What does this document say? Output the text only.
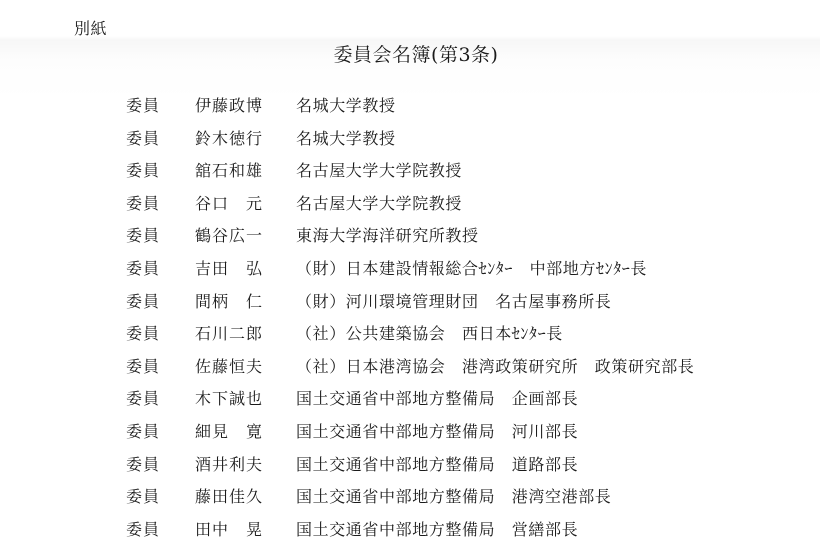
別紙
委員会名簿(第3条)
委員 伊藤政博 名城大学教授
委員 鈴木徳行 名城大学教授
委員 舘石和雄 名古屋大学大学院教授
委員 谷口　元 名古屋大学大学院教授
委員 鶴谷広一 東海大学海洋研究所教授
委員 吉田　弘 （財）日本建設情報総合ｾﾝﾀｰ　中部地方ｾﾝﾀｰ長
委員 間柄　仁 （財）河川環境管理財団　名古屋事務所長
委員 石川二郎 （社）公共建築協会　西日本ｾﾝﾀｰ長
委員 佐藤恒夫 （社）日本港湾協会　港湾政策研究所　政策研究部長
委員 木下誠也 国土交通省中部地方整備局　企画部長
委員 細見　寛 国土交通省中部地方整備局　河川部長
委員 酒井利夫 国土交通省中部地方整備局　道路部長
委員 藤田佳久 国土交通省中部地方整備局　港湾空港部長
委員 田中　晃 国土交通省中部地方整備局　営繕部長
